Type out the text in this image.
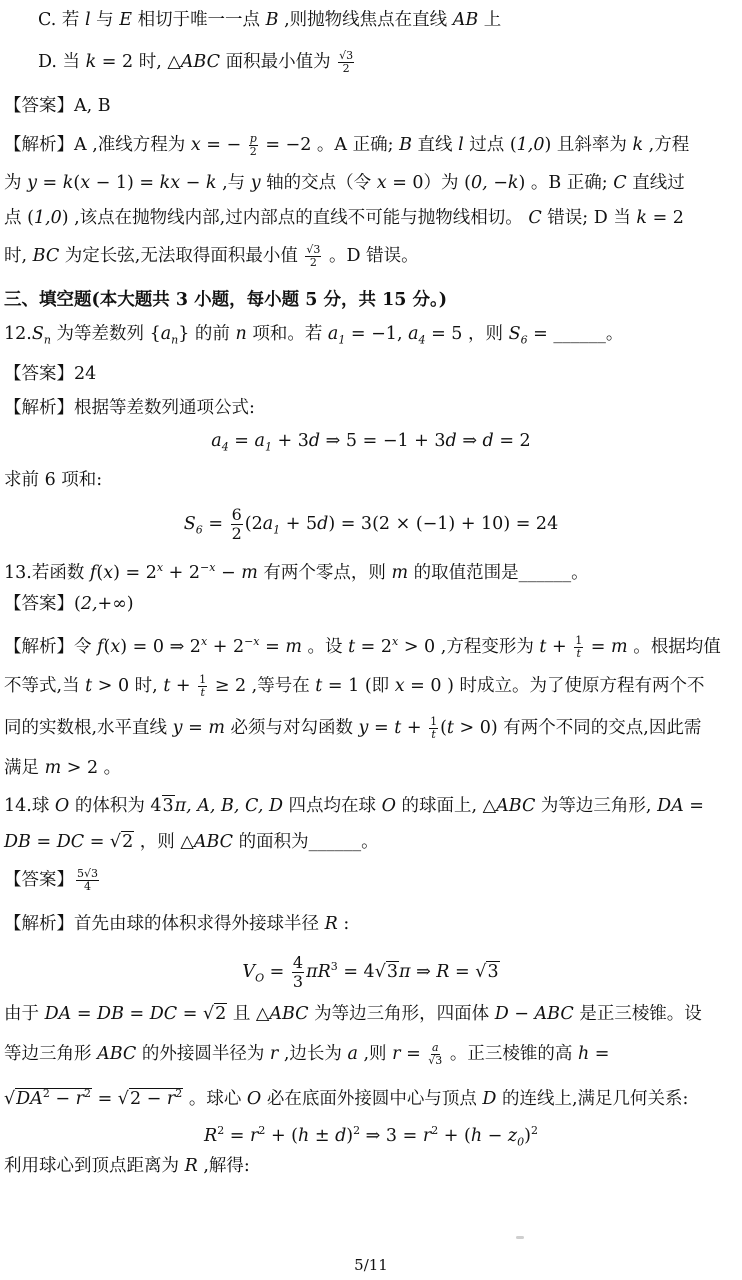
C. 若 l 与 E 相切于唯一一点 B ,则抛物线焦点在直线 AB 上
D. 当 k = 2 时, △ABC 面积最小值为 $\frac{√3}{2}$
【答案】A, B
【解析】A ,准线方程为 x = − $\frac{p}{2} = -2$ 。A 正确; B 直线 l 过点 (1,0) 且斜率为 k ,方程
为 y = k(x − 1) = kx − k ,与 y 轴的交点（令 x = 0）为 (0, −k) 。B 正确; C 直线过
点 (1,0) ,该点在抛物线内部,过内部点的直线不可能与抛物线相切。 C 错误; D 当 k = 2
时, BC 为定长弦,无法取得面积最小值 $\frac{√3}{2}$ 。D 错误。
三、填空题(本大题共 3 小题，每小题 5 分，共 15 分。)
$12.S_n$ 为等差数列 $\{a_n\}$ 的前 n 项和。若 $a_1 = -1$, $a_4 = 5$ ，则 $S_6$ = ______。
【答案】24
【解析】根据等差数列通项公式:
$a_4 = a_1 + 3d$ ⇒ 5 = −1 + 3d ⇒ d = 2
求前 6 项和:
$S_6 = \frac{6}{2} (2a_1 + 5d) = 3(2 \times (-1) + 10) = 24$
13.若函数 $f(x) = 2^x + 2^{-x} - m$ 有两个零点，则 m 的取值范围是______。
【答案】(2,+∞)
【解析】令 f(x) = 0 ⇒ $2^x + 2^{-x} = m$ 。设 $t = 2^x > 0$ ,方程变形为 $t + \frac{1}{t} = m$ 。根据均值
不等式,当 t > 0 时, $t + \frac{1}{t} \ge 2$ ,等号在 t = 1 (即 x = 0 ) 时成立。为了使原方程有两个不
同的实数根,水平直线 y = m 必须与对勾函数 $y = t + \frac{1}{t} (t > 0)$ 有两个不同的交点,因此需
满足 m > 2 。
14.球 O 的体积为 43π, A, B, C, D 四点均在球 O 的球面上, △ABC 为等边三角形, DA =
DB = DC = √2 ，则 △ABC 的面积为______。
【答案】 $\frac{5√3}{4}$
【解析】首先由球的体积求得外接球半径 R :
$V_O = \frac{4}{3} \pi R^3 = 4√3\pi$ ⇒ R = √3
由于 DA = DB = DC = √2 且 △ABC 为等边三角形，四面体 D − ABC 是正三棱锥。设
等边三角形 ABC 的外接圆半径为 r ,边长为 a ,则 $r = \frac{a}{√3}$ 。正三棱锥的高 h =
$√DA^2 - r^2 = √2 - r^2$ 。球心 O 必在底面外接圆中心与顶点 D 的连线上,满足几何关系:
$R^2 = r^2 + (h \pm d)^2$ ⇒ $3 = r^2 + (h - z_0)^2$
利用球心到顶点距离为 R ,解得:
5/11
